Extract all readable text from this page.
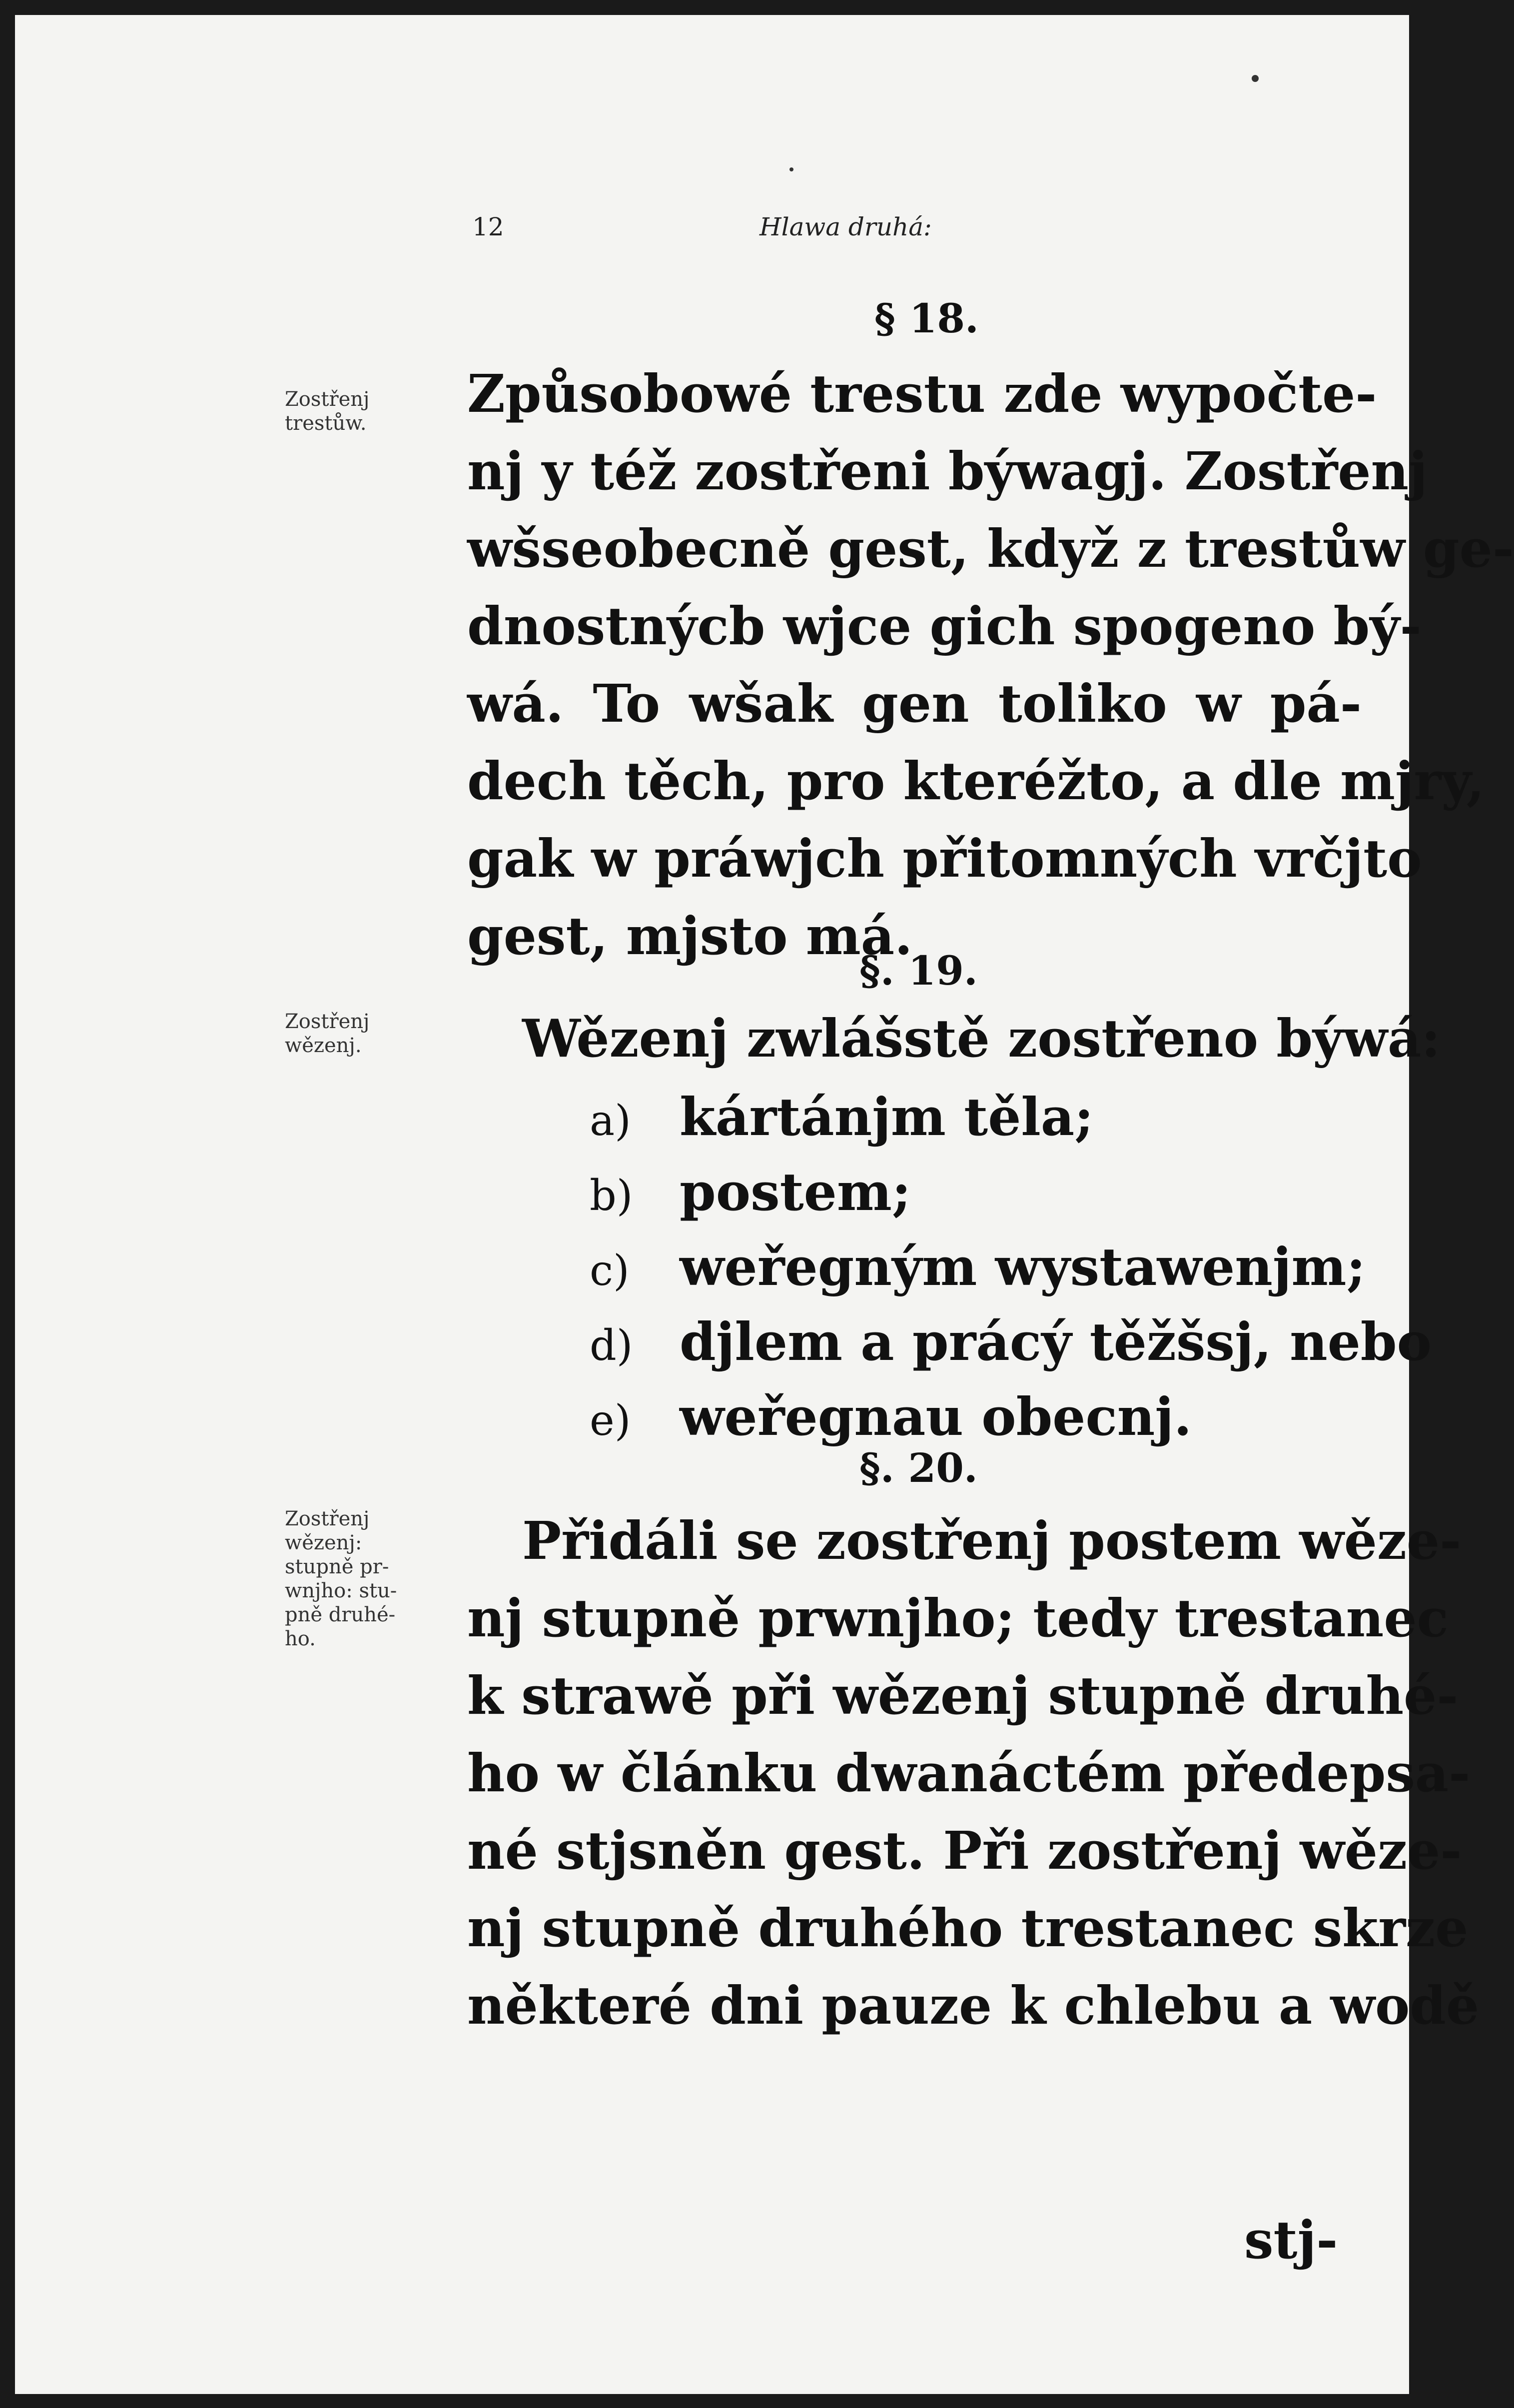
12	Hlawa druhá:
§ 18.
Zostřenj
trestůw.	Způsobowé trestu zde wypočte-
nj y též zostřeni býwagj. Zostřenj
wšseobecně gest, když z trestůw ge-
dnostnýcb wjce gich spogeno bý-
wá. To wšak gen toliko w pá-
dech těch, pro kteréžto, a dle mjry,
gak w práwjch přitomných vrčjto
gest, mjsto má.
§. 19.
Zostřenj
wězenj.	Wězenj zwlášstě zostřeno býwá:
a) kártánjm těla;
b) postem;
c) weřegným wystawenjm;
d) djlem a prácý těžšsj, nebo
e) weřegnau obecnj.
§. 20.
Zostřenj
wězenj:
stupně pr-
wnjho: stu-
pně druhé-
ho.
Přidáli se zostřenj postem wěze-
nj stupně prwnjho; tedy trestanec
k strawě při wězenj stupně druhé-
ho w článku dwanáctém předepsa-
né stjsněn gest. Při zostřenj wěze-
nj stupně druhého trestanec skrze
některé dni pauze k chlebu a wodě
stj-
